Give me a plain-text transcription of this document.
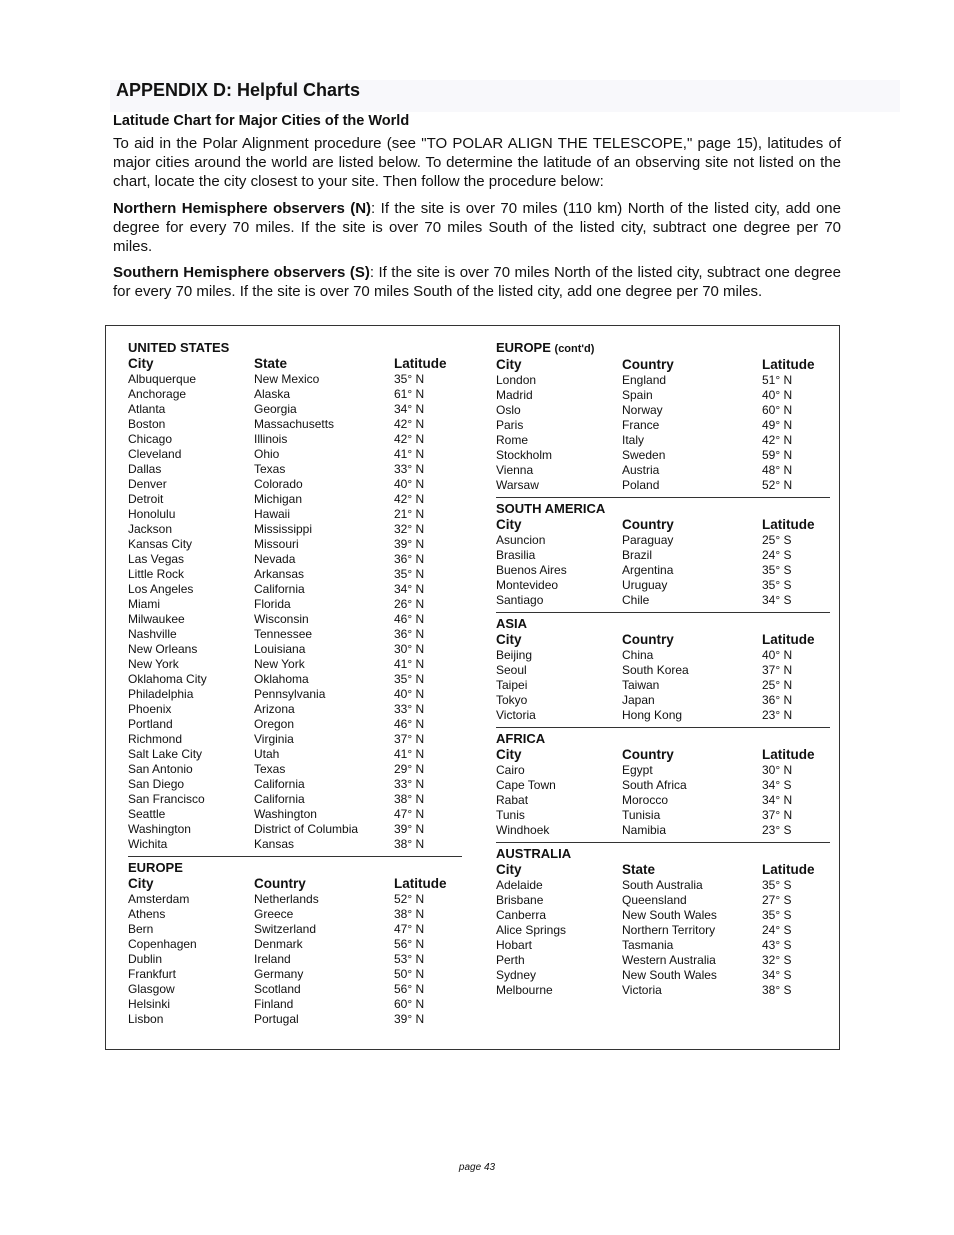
APPENDIX D: Helpful Charts
Latitude Chart for Major Cities of the World
To aid in the Polar Alignment procedure (see "TO POLAR ALIGN THE TELESCOPE," page 15), latitudes of major cities around the world are listed below. To determine the latitude of an observing site not listed on the chart, locate the city closest to your site. Then follow the procedure below:
Northern Hemisphere observers (N): If the site is over 70 miles (110 km) North of the listed city, add one degree for every 70 miles. If the site is over 70 miles South of the listed city, subtract one degree per 70 miles.
Southern Hemisphere observers (S): If the site is over 70 miles North of the listed city, subtract one degree for every 70 miles. If the site is over 70 miles South of the listed city, add one degree per 70 miles.
UNITED STATES
City	State	Latitude
Albuquerque	New Mexico	35° N
Anchorage	Alaska	61° N
Atlanta	Georgia	34° N
Boston	Massachusetts	42° N
Chicago	Illinois	42° N
Cleveland	Ohio	41° N
Dallas	Texas	33° N
Denver	Colorado	40° N
Detroit	Michigan	42° N
Honolulu	Hawaii	21° N
Jackson	Mississippi	32° N
Kansas City	Missouri	39° N
Las Vegas	Nevada	36° N
Little Rock	Arkansas	35° N
Los Angeles	California	34° N
Miami	Florida	26° N
Milwaukee	Wisconsin	46° N
Nashville	Tennessee	36° N
New Orleans	Louisiana	30° N
New York	New York	41° N
Oklahoma City	Oklahoma	35° N
Philadelphia	Pennsylvania	40° N
Phoenix	Arizona	33° N
Portland	Oregon	46° N
Richmond	Virginia	37° N
Salt Lake City	Utah	41° N
San Antonio	Texas	29° N
San Diego	California	33° N
San Francisco	California	38° N
Seattle	Washington	47° N
Washington	District of Columbia	39° N
Wichita	Kansas	38° N
EUROPE
City	Country	Latitude
Amsterdam	Netherlands	52° N
Athens	Greece	38° N
Bern	Switzerland	47° N
Copenhagen	Denmark	56° N
Dublin	Ireland	53° N
Frankfurt	Germany	50° N
Glasgow	Scotland	56° N
Helsinki	Finland	60° N
Lisbon	Portugal	39° N
EUROPE (cont'd)
City	Country	Latitude
London	England	51° N
Madrid	Spain	40° N
Oslo	Norway	60° N
Paris	France	49° N
Rome	Italy	42° N
Stockholm	Sweden	59° N
Vienna	Austria	48° N
Warsaw	Poland	52° N
SOUTH AMERICA
City	Country	Latitude
Asuncion	Paraguay	25° S
Brasilia	Brazil	24° S
Buenos Aires	Argentina	35° S
Montevideo	Uruguay	35° S
Santiago	Chile	34° S
ASIA
City	Country	Latitude
Beijing	China	40° N
Seoul	South Korea	37° N
Taipei	Taiwan	25° N
Tokyo	Japan	36° N
Victoria	Hong Kong	23° N
AFRICA
City	Country	Latitude
Cairo	Egypt	30° N
Cape Town	South Africa	34° S
Rabat	Morocco	34° N
Tunis	Tunisia	37° N
Windhoek	Namibia	23° S
AUSTRALIA
City	State	Latitude
Adelaide	South Australia	35° S
Brisbane	Queensland	27° S
Canberra	New South Wales	35° S
Alice Springs	Northern Territory	24° S
Hobart	Tasmania	43° S
Perth	Western Australia	32° S
Sydney	New South Wales	34° S
Melbourne	Victoria	38° S
page 43
